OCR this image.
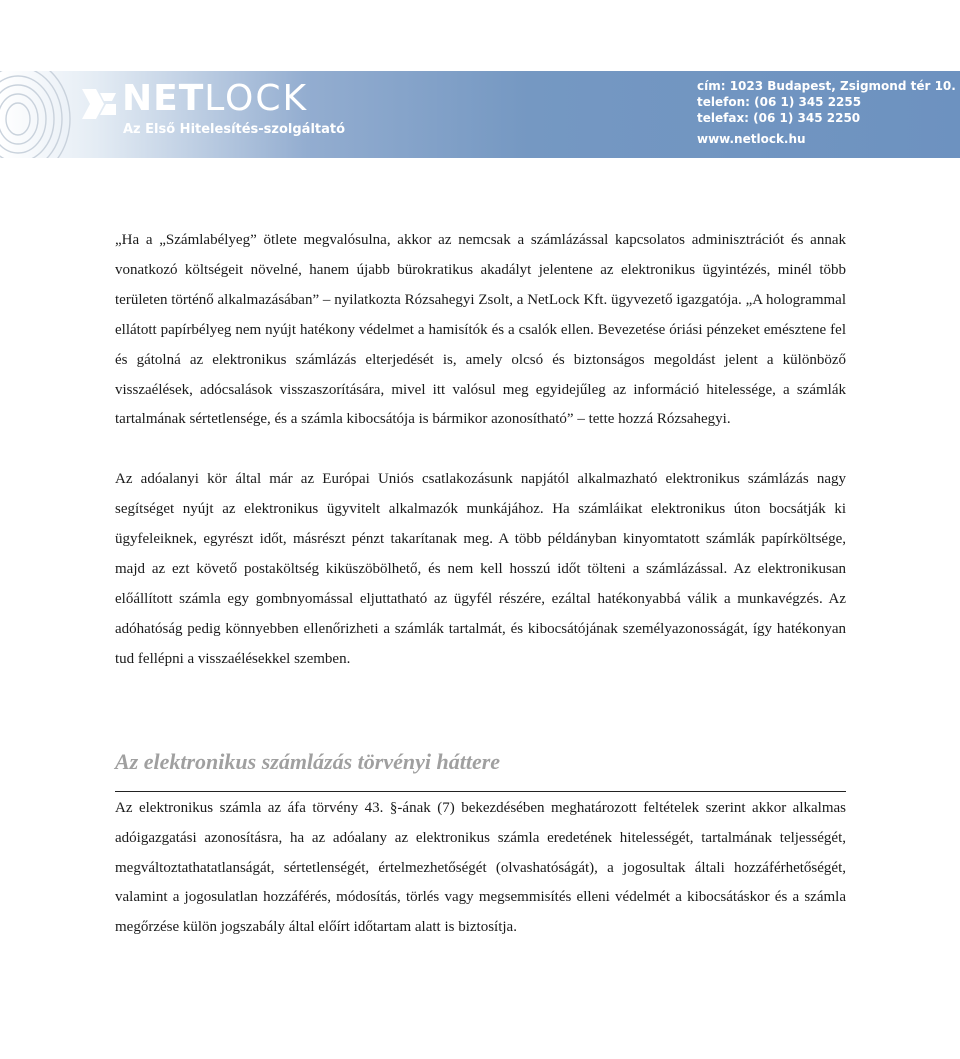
NETLOCK
Az Első Hitelesítés-szolgáltató
cím: 1023 Budapest, Zsigmond tér 10.
telefon: (06 1) 345 2255
telefax: (06 1) 345 2250
www.netlock.hu

„Ha a „Számlabélyeg” ötlete megvalósulna, akkor az nemcsak a számlázással kapcsolatos adminisztrációt és annak vonatkozó költségeit növelné, hanem újabb bürokratikus akadályt jelentene az elektronikus ügyintézés, minél több területen történő alkalmazásában” – nyilatkozta Rózsahegyi Zsolt, a NetLock Kft. ügyvezető igazgatója. „A hologrammal ellátott papírbélyeg nem nyújt hatékony védelmet a hamisítók és a csalók ellen. Bevezetése óriási pénzeket emésztene fel és gátolná az elektronikus számlázás elterjedését is, amely olcsó és biztonságos megoldást jelent a különböző visszaélések, adócsalások visszaszorítására, mivel itt valósul meg egyidejűleg az információ hitelessége, a számlák tartalmának sértetlensége, és a számla kibocsátója is bármikor azonosítható” – tette hozzá Rózsahegyi.

Az adóalanyi kör által már az Európai Uniós csatlakozásunk napjától alkalmazható elektronikus számlázás nagy segítséget nyújt az elektronikus ügyvitelt alkalmazók munkájához. Ha számláikat elektronikus úton bocsátják ki ügyfeleiknek, egyrészt időt, másrészt pénzt takarítanak meg. A több példányban kinyomtatott számlák papírköltsége, majd az ezt követő postaköltség kiküszöbölhető, és nem kell hosszú időt tölteni a számlázással. Az elektronikusan előállított számla egy gombnyomással eljuttatható az ügyfél részére, ezáltal hatékonyabbá válik a munkavégzés. Az adóhatóság pedig könnyebben ellenőrizheti a számlák tartalmát, és kibocsátójának személyazonosságát, így hatékonyan tud fellépni a visszaélésekkel szemben.

Az elektronikus számlázás törvényi háttere

Az elektronikus számla az áfa törvény 43. §-ának (7) bekezdésében meghatározott feltételek szerint akkor alkalmas adóigazgatási azonosításra, ha az adóalany az elektronikus számla eredetének hitelességét, tartalmának teljességét, megváltoztathatatlanságát, sértetlenségét, értelmezhetőségét (olvashatóságát), a jogosultak általi hozzáférhetőségét, valamint a jogosulatlan hozzáférés, módosítás, törlés vagy megsemmisítés elleni védelmét a kibocsátáskor és a számla megőrzése külön jogszabály által előírt időtartam alatt is biztosítja.
